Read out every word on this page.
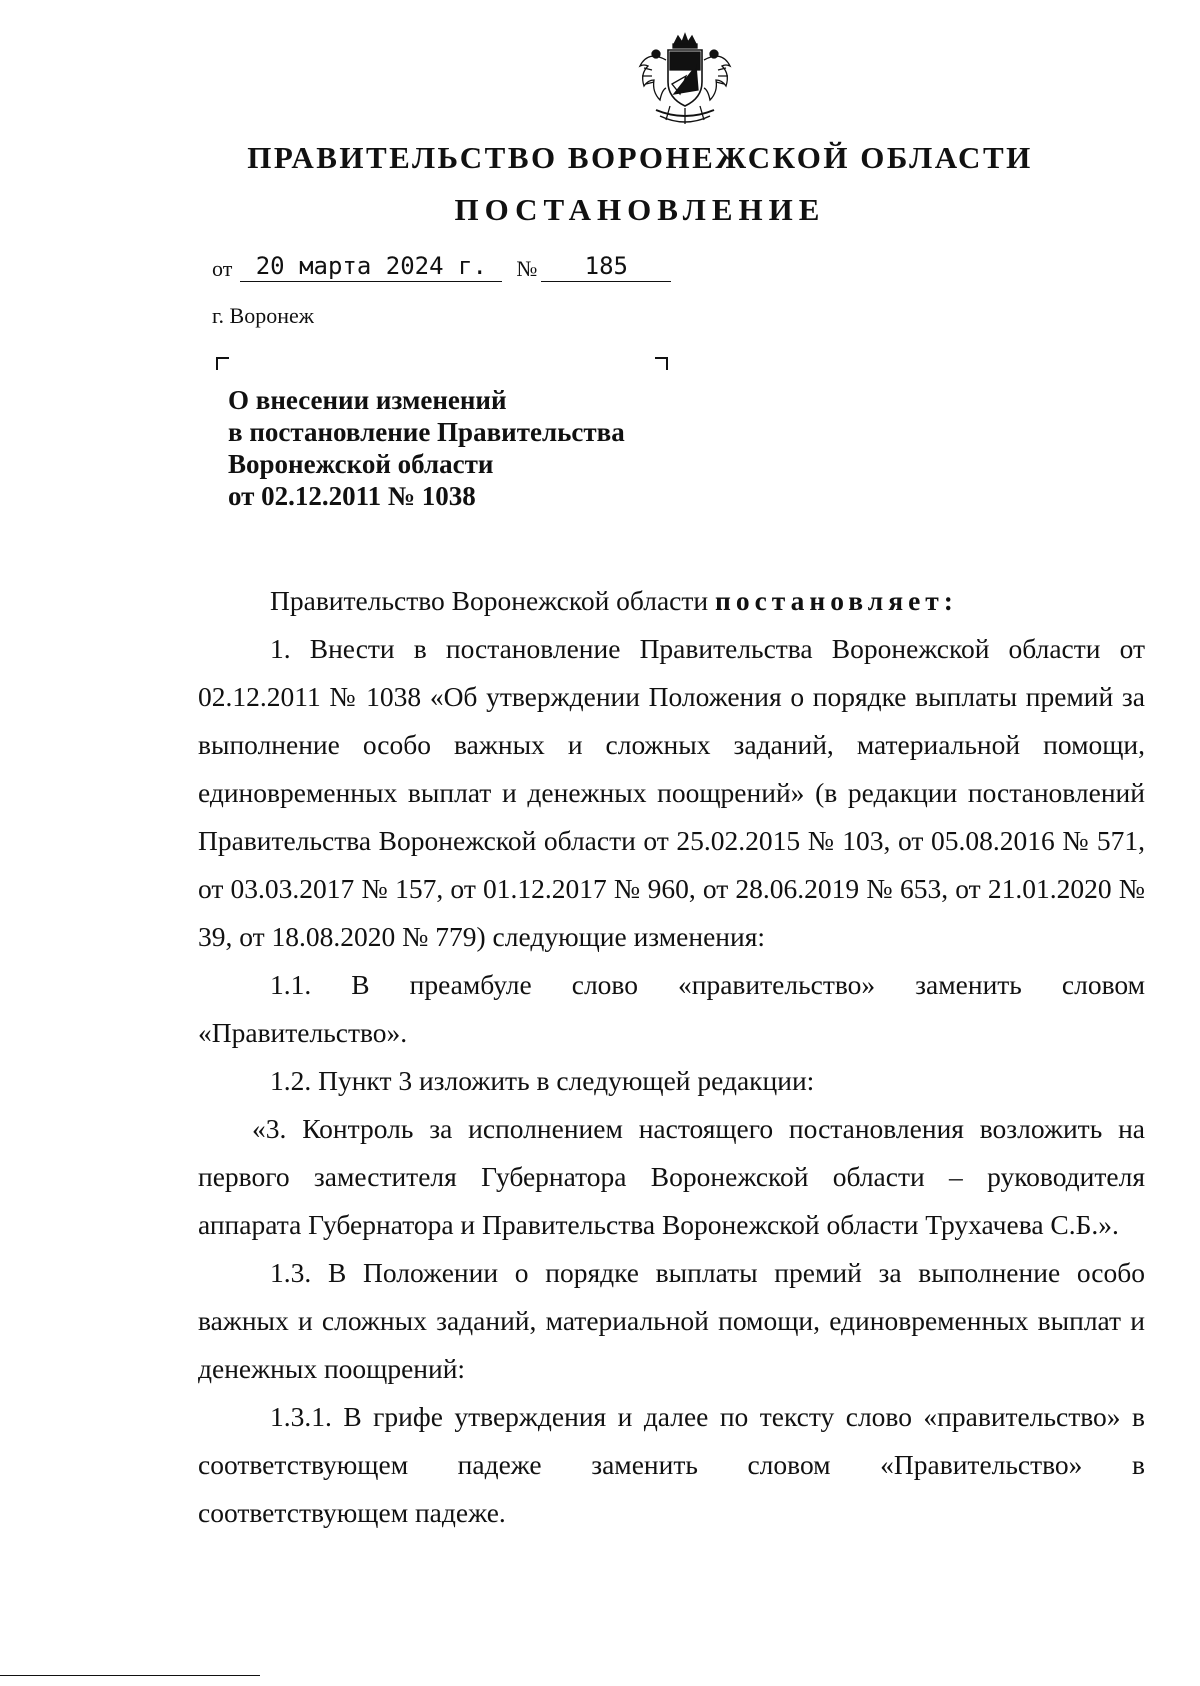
ПРАВИТЕЛЬСТВО ВОРОНЕЖСКОЙ ОБЛАСТИ
ПОСТАНОВЛЕНИЕ
от 20 марта 2024 г.	№	185
г. Воронеж
О внесении изменений
в постановление Правительства
Воронежской области
от 02.12.2011 № 1038

Правительство Воронежской области постановляет:

1. Внести в постановление Правительства Воронежской области от 02.12.2011 № 1038 «Об утверждении Положения о порядке выплаты премий за выполнение особо важных и сложных заданий, материальной помощи, единовременных выплат и денежных поощрений» (в редакции постановлений Правительства Воронежской области от 25.02.2015 № 103, от 05.08.2016 № 571, от 03.03.2017 № 157, от 01.12.2017 № 960, от 28.06.2019 № 653, от 21.01.2020 № 39, от 18.08.2020 № 779) следующие изменения:

1.1. В преамбуле слово «правительство» заменить словом «Правительство».

1.2. Пункт 3 изложить в следующей редакции:

«3. Контроль за исполнением настоящего постановления возложить на первого заместителя Губернатора Воронежской области – руководителя аппарата Губернатора и Правительства Воронежской области Трухачева С.Б.».

1.3. В Положении о порядке выплаты премий за выполнение особо важных и сложных заданий, материальной помощи, единовременных выплат и денежных поощрений:

1.3.1. В грифе утверждения и далее по тексту слово «правительство» в соответствующем падеже заменить словом «Правительство» в соответствующем падеже.
